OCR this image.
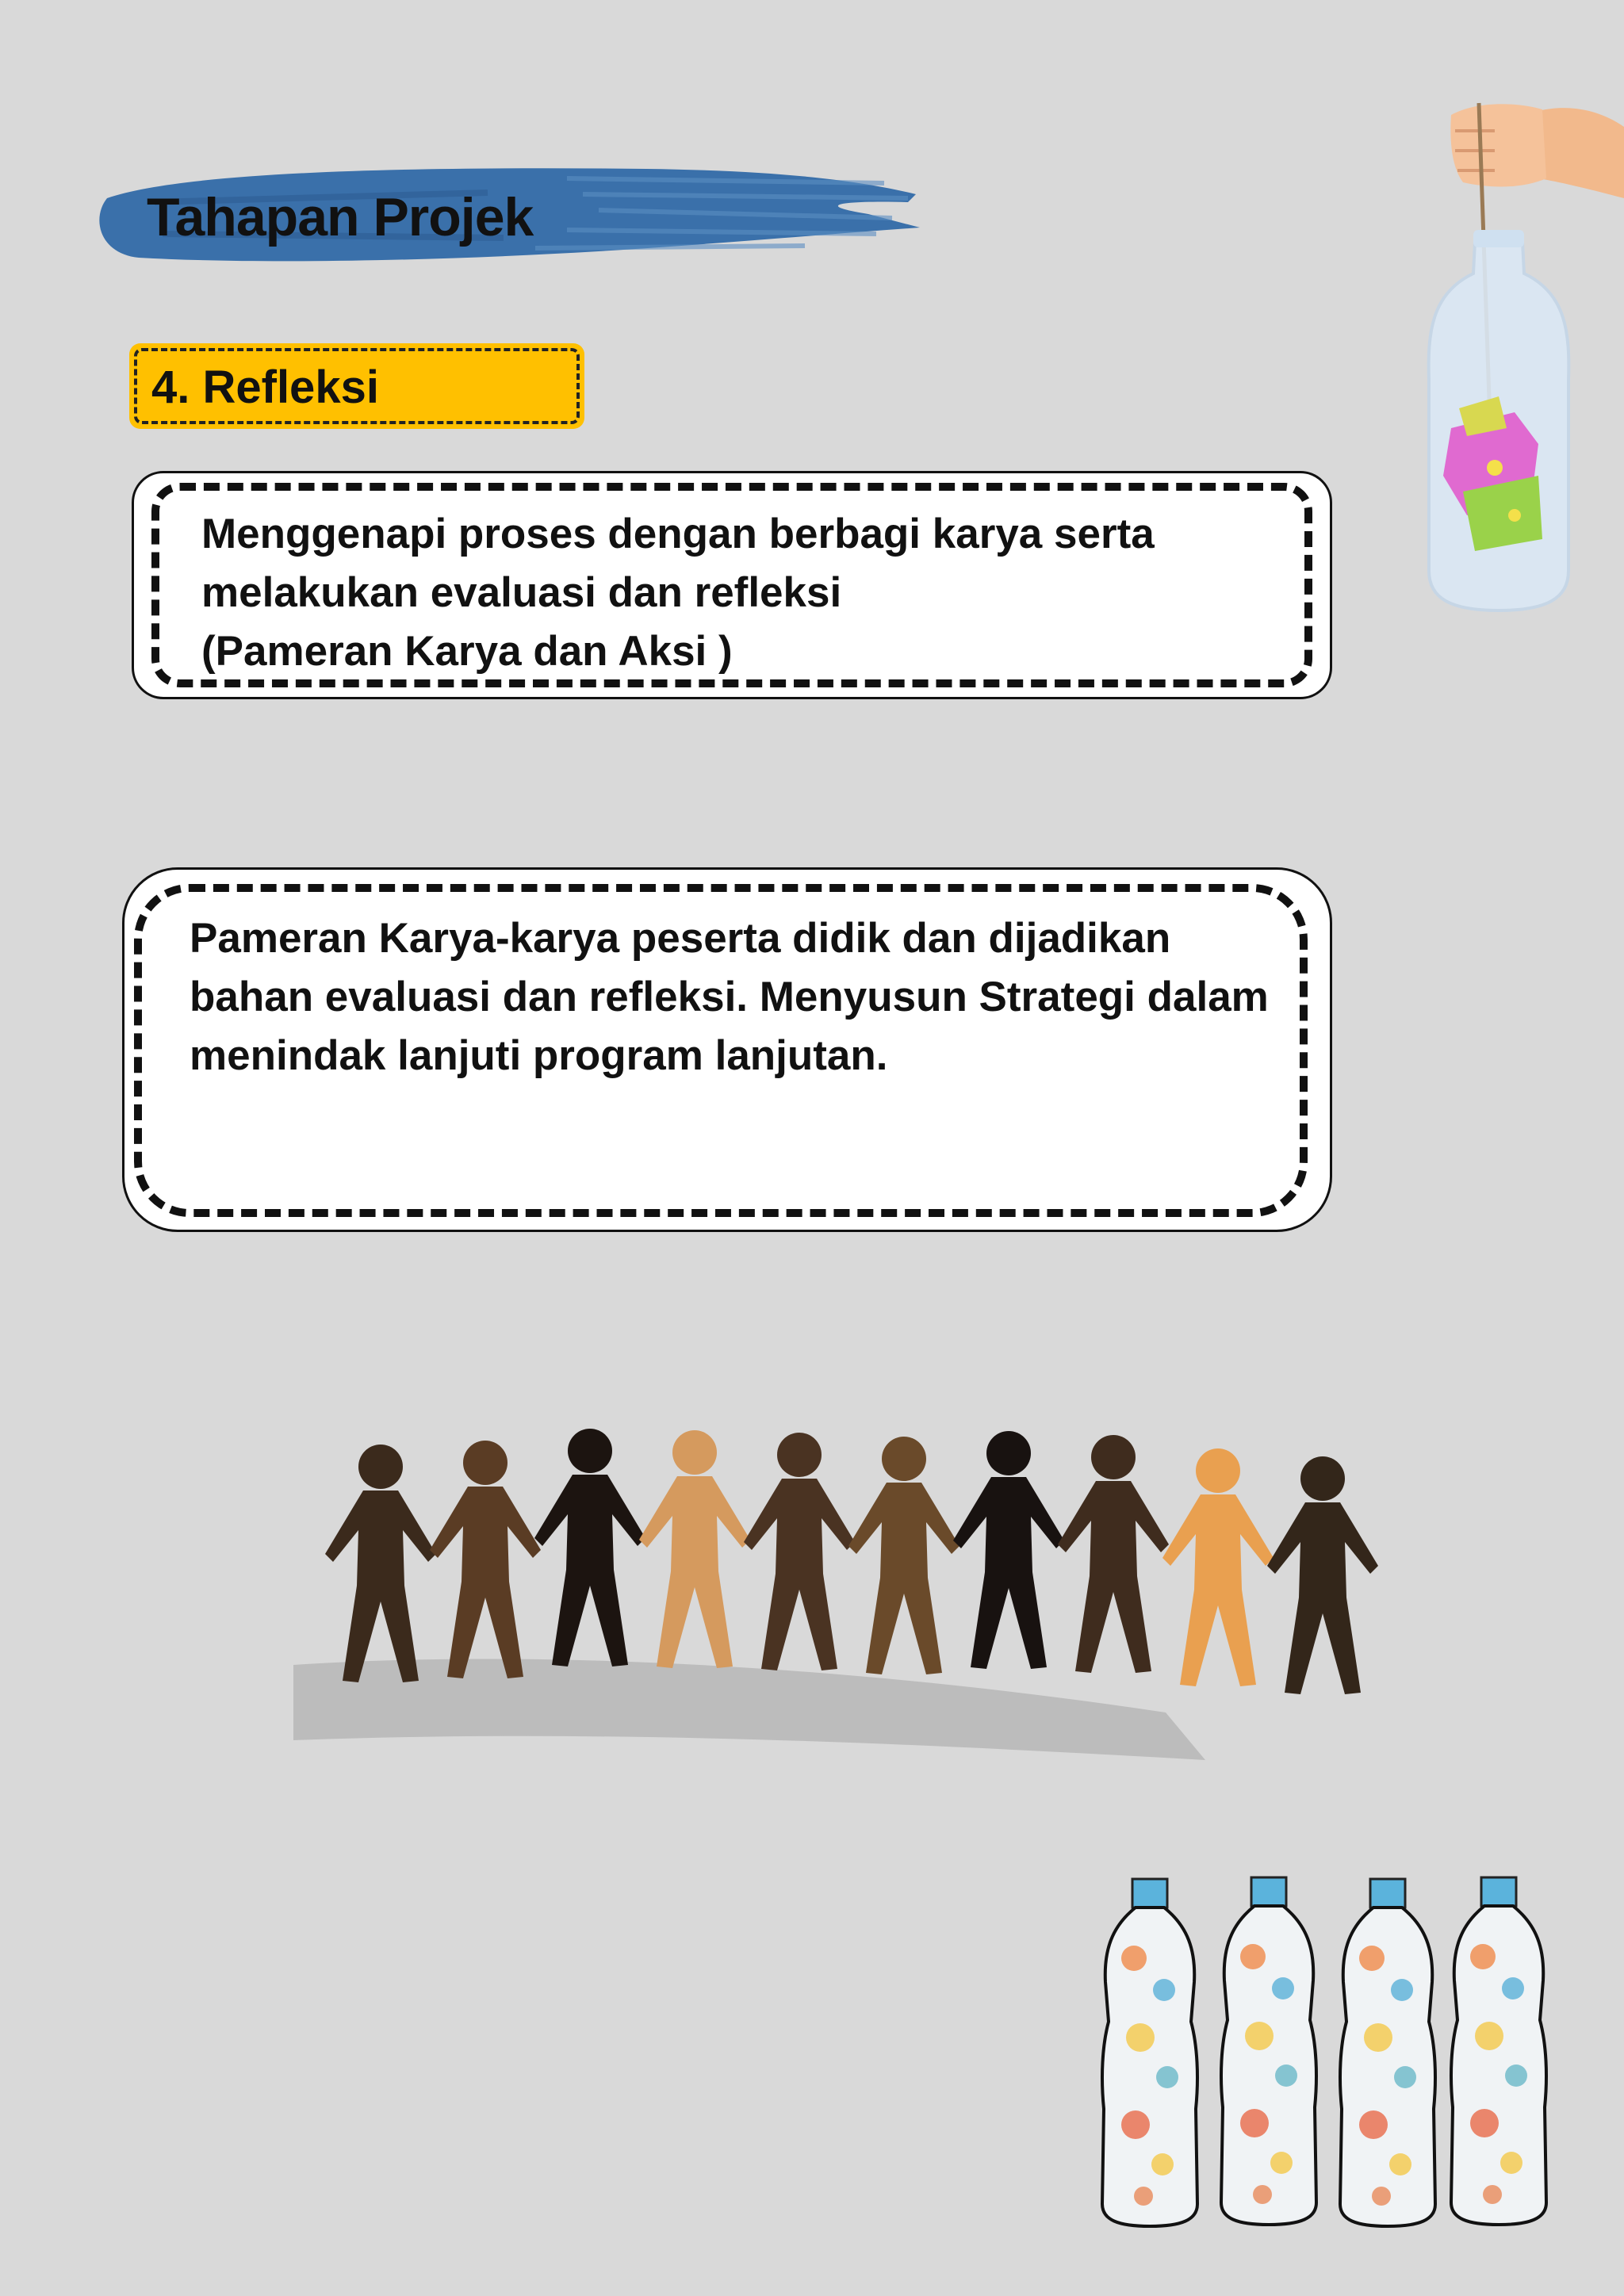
Tahapan Projek
4. Refleksi
Menggenapi proses dengan berbagi karya serta
melakukan evaluasi dan refleksi
(Pameran Karya dan Aksi )
Pameran Karya-karya peserta didik dan dijadikan
bahan evaluasi dan refleksi. Menyusun Strategi dalam
menindak lanjuti program lanjutan.
